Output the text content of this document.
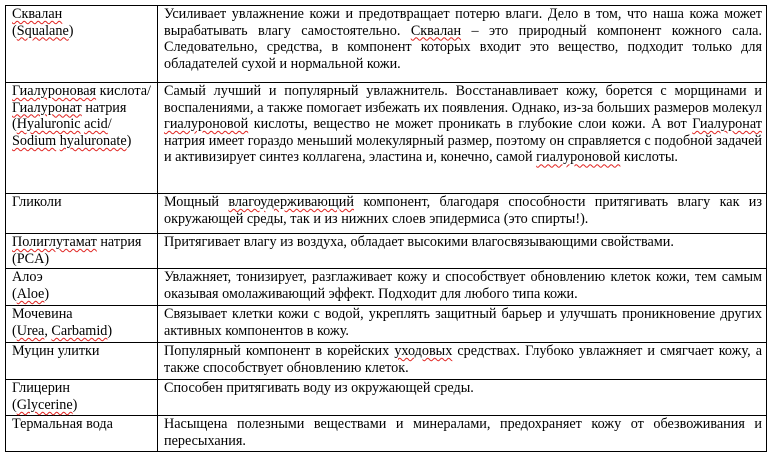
Сквалан
(Squalane)	Усиливает увлажнение кожи и предотвращает потерю влаги. Дело в том, что наша кожа может вырабатывать влагу самостоятельно. Сквалан – это природный компонент кожного сала. Следовательно, средства, в компонент которых входит это вещество, подходит только для обладателей сухой и нормальной кожи.
Гиалуроновая кислота/ Гиалуронат натрия (Hyaluronic acid/ Sodium hyaluronate)	Самый лучший и популярный увлажнитель. Восстанавливает кожу, борется с морщинами и воспалениями, а также помогает избежать их появления. Однако, из-за больших размеров молекул гиалуроновой кислоты, вещество не может проникать в глубокие слои кожи. А вот Гиалуронат натрия имеет гораздо меньший молекулярный размер, поэтому он справляется с подобной задачей и активизирует синтез коллагена, эластина и, конечно, самой гиалуроновой кислоты.
Гликоли	Мощный влагоудерживающий компонент, благодаря способности притягивать влагу как из окружающей среды, так и из нижних слоев эпидермиса (это спирты!).
Полиглутамат натрия (PCA)	Притягивает влагу из воздуха, обладает высокими влагосвязывающими свойствами.
Алоэ
(Aloe)	Увлажняет, тонизирует, разглаживает кожу и способствует обновлению клеток кожи, тем самым оказывая омолаживающий эффект. Подходит для любого типа кожи.
Мочевина
(Urea, Carbamid)	Связывает клетки кожи с водой, укреплять защитный барьер и улучшать проникновение других активных компонентов в кожу.
Муцин улитки	Популярный компонент в корейских уходовых средствах. Глубоко увлажняет и смягчает кожу, а также способствует обновлению клеток.
Глицерин
(Glycerine)	Способен притягивать воду из окружающей среды.
Термальная вода	Насыщена полезными веществами и минералами, предохраняет кожу от обезвоживания и пересыхания.
